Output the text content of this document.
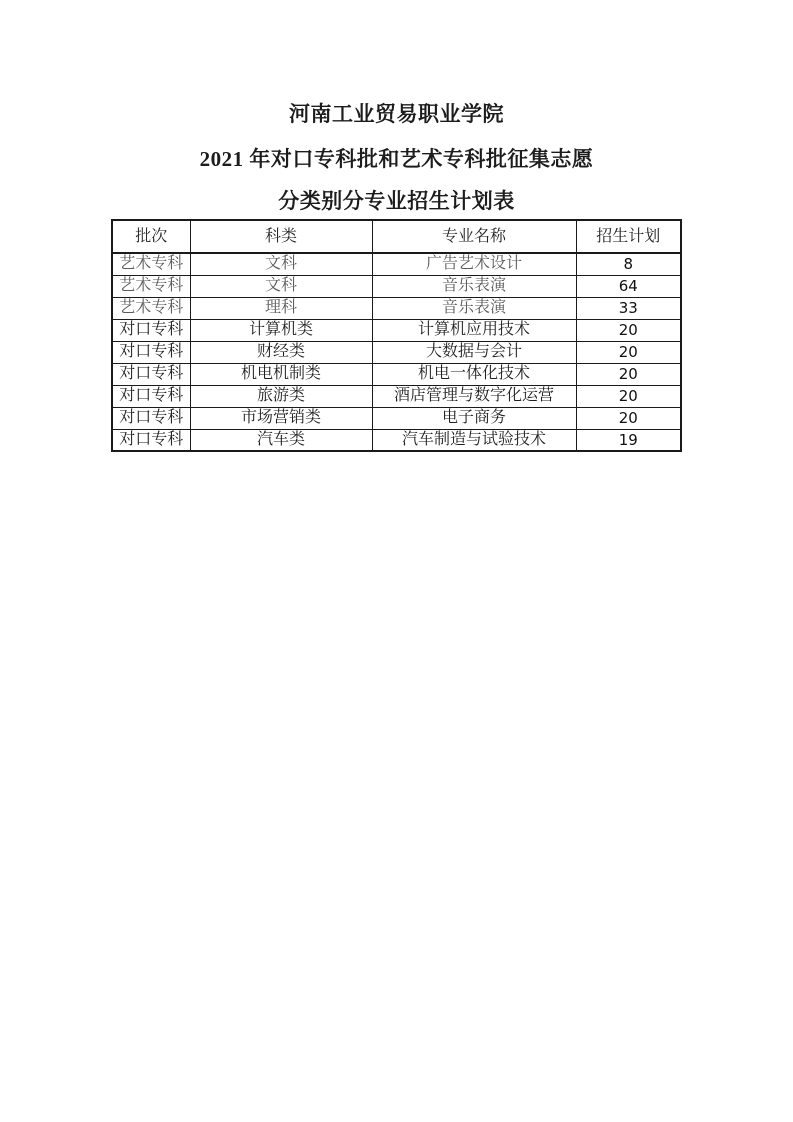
河南工业贸易职业学院

2021 年对口专科批和艺术专科批征集志愿

分类别分专业招生计划表

批次	科类	专业名称	招生计划
艺术专科	文科	广告艺术设计	8
艺术专科	文科	音乐表演	64
艺术专科	理科	音乐表演	33
对口专科	计算机类	计算机应用技术	20
对口专科	财经类	大数据与会计	20
对口专科	机电机制类	机电一体化技术	20
对口专科	旅游类	酒店管理与数字化运营	20
对口专科	市场营销类	电子商务	20
对口专科	汽车类	汽车制造与试验技术	19
